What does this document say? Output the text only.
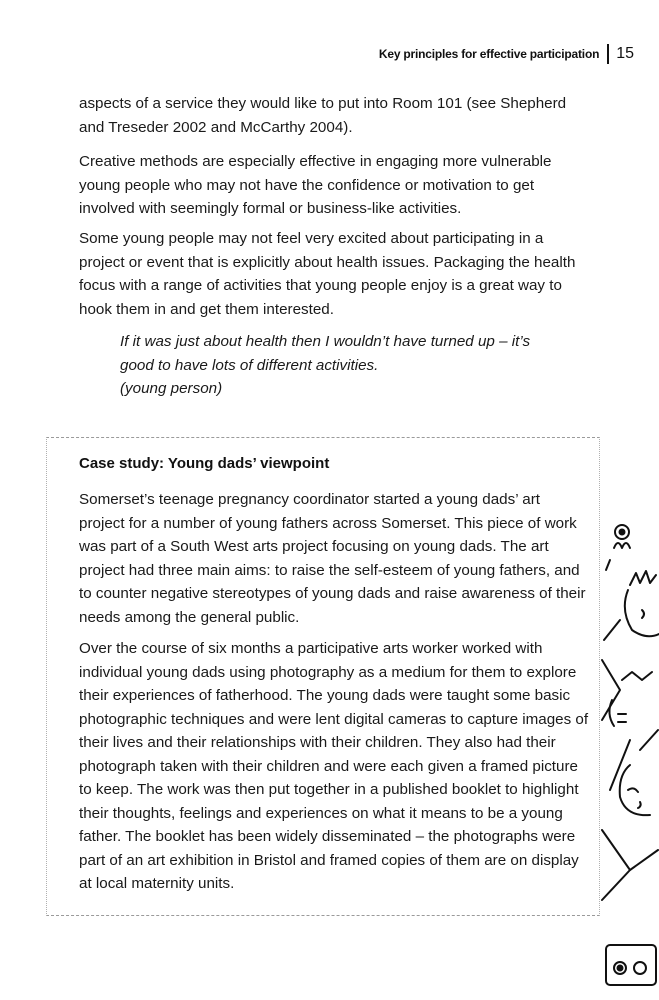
Key principles for effective participation 15

aspects of a service they would like to put into Room 101 (see Shepherd and Treseder 2002 and McCarthy 2004).

Creative methods are especially effective in engaging more vulnerable young people who may not have the confidence or motivation to get involved with seemingly formal or business-like activities.

Some young people may not feel very excited about participating in a project or event that is explicitly about health issues. Packaging the health focus with a range of activities that young people enjoy is a great way to hook them in and get them interested.

If it was just about health then I wouldn’t have turned up – it’s
good to have lots of different activities.
(young person)
Case study: Young dads’ viewpoint

Somerset’s teenage pregnancy coordinator started a young dads’ art project for a number of young fathers across Somerset. This piece of work was part of a South West arts project focusing on young dads. The art project had three main aims: to raise the self-esteem of young fathers, and to counter negative stereotypes of young dads and raise awareness of their needs among the general public.

Over the course of six months a participative arts worker worked with individual young dads using photography as a medium for them to explore their experiences of fatherhood. The young dads were taught some basic photographic techniques and were lent digital cameras to capture images of their lives and their relationships with their children. They also had their photograph taken with their children and were each given a framed picture to keep. The work was then put together in a published booklet to highlight their thoughts, feelings and experiences on what it means to be a young father. The booklet has been widely disseminated – the photographs were part of an art exhibition in Bristol and framed copies of them are on display at local maternity units.
